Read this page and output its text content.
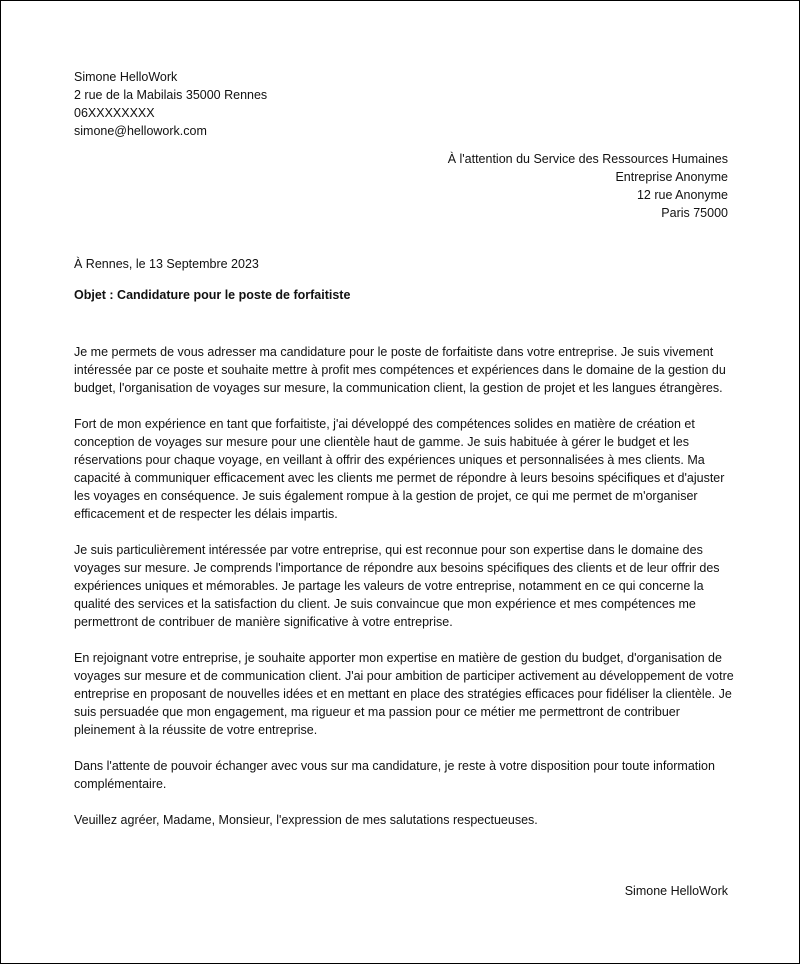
Simone HelloWork
2 rue de la Mabilais 35000 Rennes
06XXXXXXXX
simone@hellowork.com
À l'attention du Service des Ressources Humaines
Entreprise Anonyme
12 rue Anonyme
Paris 75000
À Rennes, le 13 Septembre 2023
Objet : Candidature pour le poste de forfaitiste

Je me permets de vous adresser ma candidature pour le poste de forfaitiste dans votre entreprise. Je suis vivement intéressée par ce poste et souhaite mettre à profit mes compétences et expériences dans le domaine de la gestion du budget, l'organisation de voyages sur mesure, la communication client, la gestion de projet et les langues étrangères.

Fort de mon expérience en tant que forfaitiste, j'ai développé des compétences solides en matière de création et conception de voyages sur mesure pour une clientèle haut de gamme. Je suis habituée à gérer le budget et les réservations pour chaque voyage, en veillant à offrir des expériences uniques et personnalisées à mes clients. Ma capacité à communiquer efficacement avec les clients me permet de répondre à leurs besoins spécifiques et d'ajuster les voyages en conséquence. Je suis également rompue à la gestion de projet, ce qui me permet de m'organiser efficacement et de respecter les délais impartis.

Je suis particulièrement intéressée par votre entreprise, qui est reconnue pour son expertise dans le domaine des voyages sur mesure. Je comprends l'importance de répondre aux besoins spécifiques des clients et de leur offrir des expériences uniques et mémorables. Je partage les valeurs de votre entreprise, notamment en ce qui concerne la qualité des services et la satisfaction du client. Je suis convaincue que mon expérience et mes compétences me permettront de contribuer de manière significative à votre entreprise.

En rejoignant votre entreprise, je souhaite apporter mon expertise en matière de gestion du budget, d'organisation de voyages sur mesure et de communication client. J'ai pour ambition de participer activement au développement de votre entreprise en proposant de nouvelles idées et en mettant en place des stratégies efficaces pour fidéliser la clientèle. Je suis persuadée que mon engagement, ma rigueur et ma passion pour ce métier me permettront de contribuer pleinement à la réussite de votre entreprise.

Dans l'attente de pouvoir échanger avec vous sur ma candidature, je reste à votre disposition pour toute information complémentaire.

Veuillez agréer, Madame, Monsieur, l'expression de mes salutations respectueuses.

Simone HelloWork
